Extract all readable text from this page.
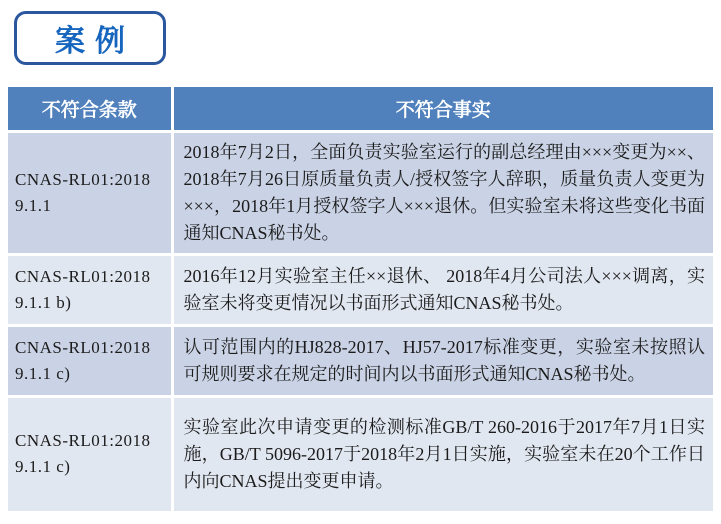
案例
不符合条款	不符合事实

CNAS-RL01:2018
9.1.1	2018年7月2日，全面负责实验室运行的副总经理由×××变更为××、2018年7月26日原质量负责人/授权签字人辞职，质量负责人变更为×××，2018年1月授权签字人×××退休。但实验室未将这些变化书面通知CNAS秘书处。

CNAS-RL01:2018
9.1.1 b)	2016年12月实验室主任××退休、 2018年4月公司法人×××调离，实验室未将变更情况以书面形式通知CNAS秘书处。

CNAS-RL01:2018
9.1.1 c)	认可范围内的HJ828-2017、HJ57-2017标准变更，实验室未按照认可规则要求在规定的时间内以书面形式通知CNAS秘书处。

CNAS-RL01:2018
9.1.1 c)	实验室此次申请变更的检测标准GB/T 260-2016于2017年7月1日实施，GB/T 5096-2017于2018年2月1日实施，实验室未在20个工作日内向CNAS提出变更申请。
